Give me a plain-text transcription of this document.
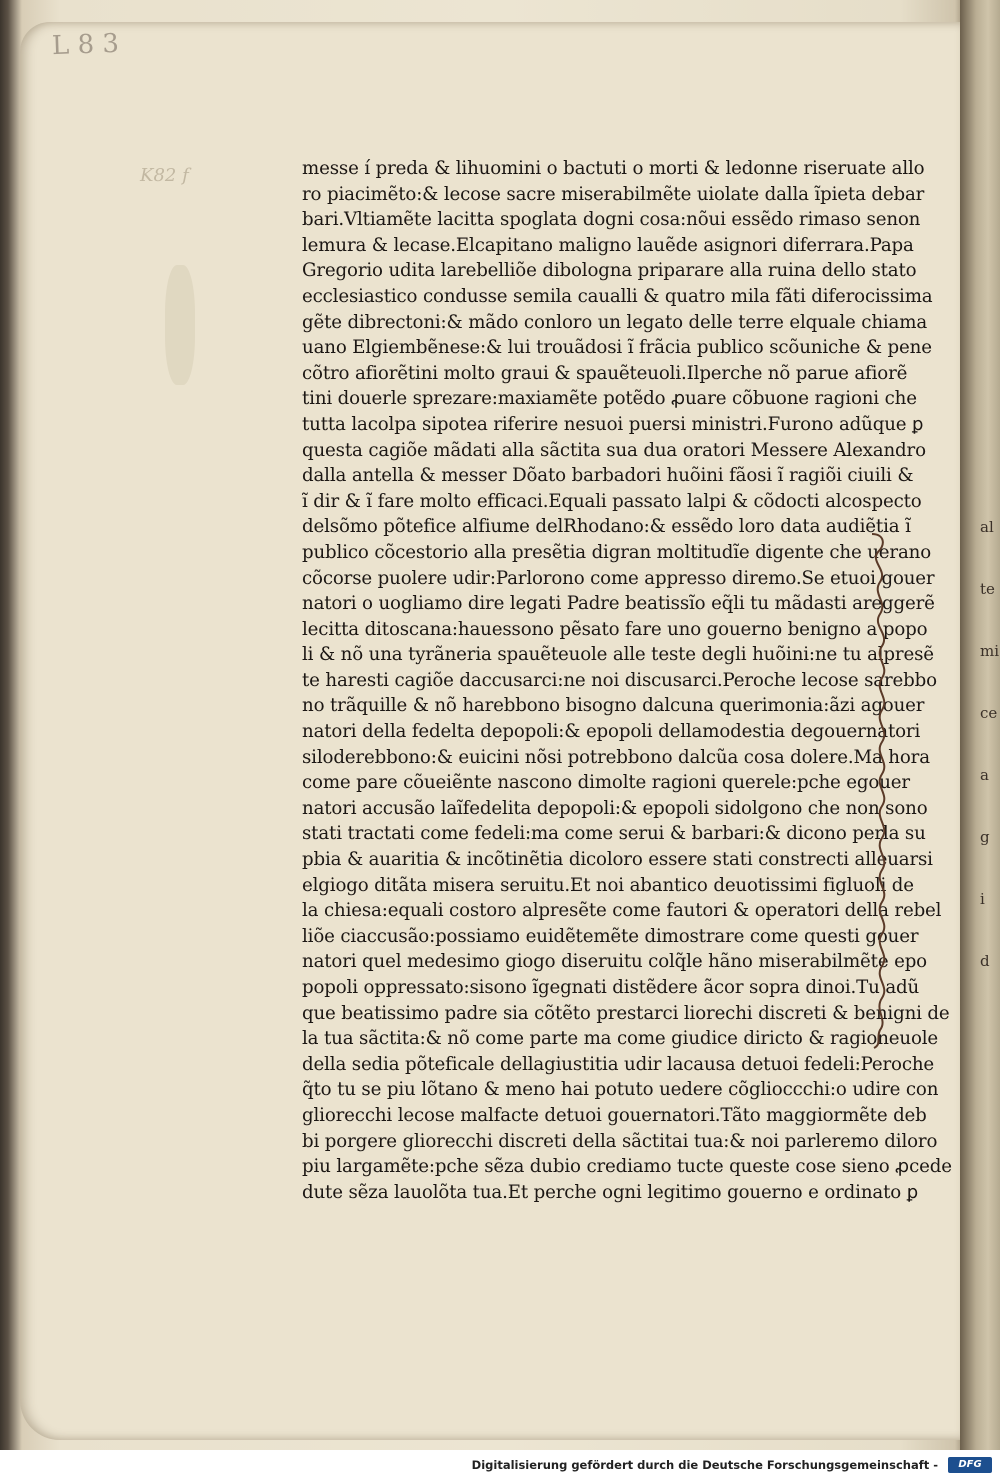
al
te
mi
ce
a
g
i
d
L 8 3
K82 f	messe í preda & lihuomini o bactuti o morti & ledonne riseruate allo
ro piacimẽto:& lecose sacre miserabilmẽte uiolate dalla ĩpieta debar
bari.Vltiamẽte lacitta spoglata dogni cosa:nõui essẽdo rimaso senon
lemura & lecase.Elcapitano maligno lauẽde asignori diferrara.Papa
Gregorio udita larebelliõe dibologna priparare alla ruina dello stato
ecclesiastico condusse semila caualli & quatro mila fãti diferocissima
gẽte dibrectoni:& mãdo conloro un legato delle terre elquale chiama
uano Elgiembẽnese:& lui trouãdosi ĩ frãcia publico scõuniche & pene
cõtro afiorẽtini molto graui & spauẽteuoli.Ilperche nõ parue afiorẽ
tini douerle sprezare:maxiamẽte potẽdo ꝓuare cõbuone ragioni che
tutta lacolpa sipotea riferire nesuoi puersi ministri.Furono adũque ꝑ
questa cagiõe mãdati alla sãctita sua dua oratori Messere Alexandro
dalla antella & messer Dõato barbadori huõini fãosi ĩ ragiõi ciuili &
ĩ dir & ĩ fare molto efficaci.Equali passato lalpi & cõdocti alcospecto
delsõmo põtefice alfiume delRhodano:& essẽdo loro data audiẽtia ĩ
publico cõcestorio alla presẽtia digran moltitudĩe digente che uerano
cõcorse puolere udir:Parlorono come appresso diremo.Se etuoi gouer
natori o uogliamo dire legati Padre beatissĩo eq̃li tu mãdasti areggerẽ
lecitta ditoscana:hauessono pẽsato fare uno gouerno benigno a popo
li & nõ una tyrãneria spauẽteuole alle teste degli huõini:ne tu alpresẽ
te haresti cagiõe daccusarci:ne noi discusarci.Peroche lecose sarebbo
no trãquille & nõ harebbono bisogno dalcuna querimonia:ãzi agouer
natori della fedelta depopoli:& epopoli dellamodestia degouernatori
siloderebbono:& euicini nõsi potrebbono dalcũa cosa dolere.Ma hora
come pare cõueiẽnte nascono dimolte ragioni querele:pche egouer
natori accusão laĩfedelita depopoli:& epopoli sidolgono che non sono
stati tractati come fedeli:ma come serui & barbari:& dicono perla su
pbia & auaritia & incõtinẽtia dicoloro essere stati constrecti alleuarsi
elgiogo ditãta misera seruitu.Et noi abantico deuotissimi figluoli de
la chiesa:equali costoro alpresẽte come fautori & operatori della rebel
liõe ciaccusão:possiamo euidẽtemẽte dimostrare come questi gouer
natori quel medesimo giogo diseruitu colq̃le hãno miserabilmẽte epo
popoli oppressato:sisono ĩgegnati distẽdere ãcor sopra dinoi.Tu adũ
que beatissimo padre sia cõtẽto prestarci liorechi discreti & benigni de
la tua sãctita:& nõ come parte ma come giudice diricto & ragioneuole
della sedia põteficale dellagiustitia udir lacausa detuoi fedeli:Peroche
q̃to tu se piu lõtano & meno hai potuto uedere cõglioccchi:o udire con
gliorecchi lecose malfacte detuoi gouernatori.Tãto maggiormẽte deb
bi porgere gliorecchi discreti della sãctitai tua:& noi parleremo diloro
piu largamẽte:pche sẽza dubio crediamo tucte queste cose sieno ꝓcede
dute sẽza lauolõta tua.Et perche ogni legitimo gouerno e ordinato ꝑ
Digitalisierung gefördert durch die Deutsche Forschungsgemeinschaft -	DFG
